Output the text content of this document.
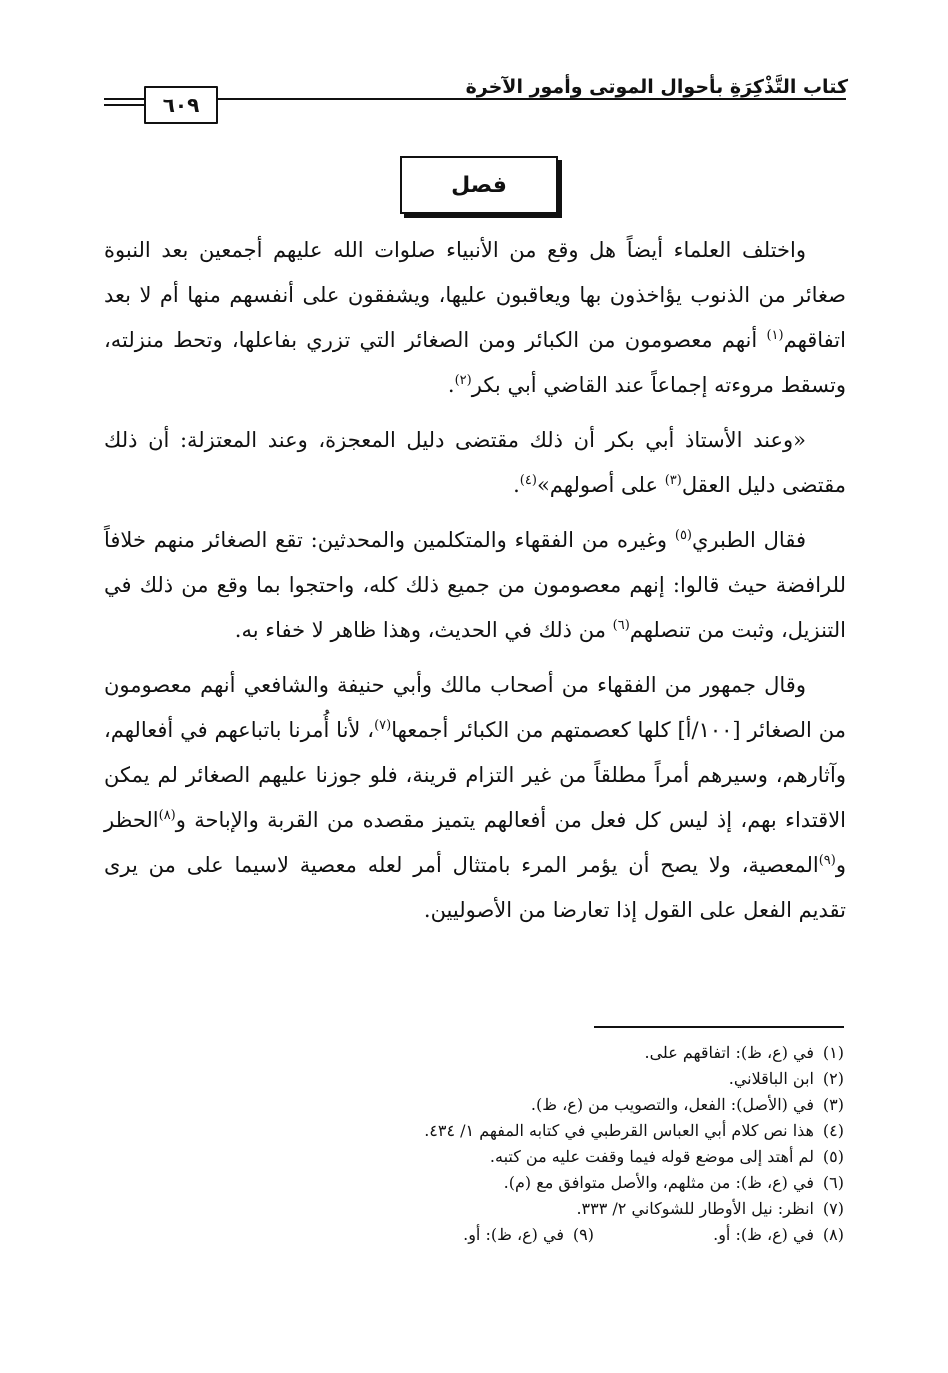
كتاب التَّذْكِرَةِ بأحوال الموتى وأمور الآخرة
٦٠٩
فصل

واختلف العلماء أيضاً هل وقع من الأنبياء صلوات الله عليهم أجمعين بعد النبوة صغائر من الذنوب يؤاخذون بها ويعاقبون عليها، ويشفقون على أنفسهم منها أم لا بعد اتفاقهم$^{(١)}$ أنهم معصومون من الكبائر ومن الصغائر التي تزري بفاعلها، وتحط منزلته، وتسقط مروءته إجماعاً عند القاضي أبي بكر$^{(٢)}$.

«وعند الأستاذ أبي بكر أن ذلك مقتضى دليل المعجزة، وعند المعتزلة: أن ذلك مقتضى دليل العقل$^{(٣)}$ على أصولهم»$^{(٤)}$.

فقال الطبري$^{(٥)}$ وغيره من الفقهاء والمتكلمين والمحدثين: تقع الصغائر منهم خلافاً للرافضة حيث قالوا: إنهم معصومون من جميع ذلك كله، واحتجوا بما وقع من ذلك في التنزيل، وثبت من تنصلهم$^{(٦)}$ من ذلك في الحديث، وهذا ظاهر لا خفاء به.

وقال جمهور من الفقهاء من أصحاب مالك وأبي حنيفة والشافعي أنهم معصومون من الصغائر [١٠٠/أ] كلها كعصمتهم من الكبائر أجمعها$^{(٧)}$، لأنا أُمرنا باتباعهم في أفعالهم، وآثارهم، وسيرهم أمراً مطلقاً من غير التزام قرينة، فلو جوزنا عليهم الصغائر لم يمكن الاقتداء بهم، إذ ليس كل فعل من أفعالهم يتميز مقصده من القربة والإباحة و$^{(٨)}$الحظر و$^{(٩)}$المعصية، ولا يصح أن يؤمر المرء بامتثال أمر لعله معصية لاسيما على من يرى تقديم الفعل على القول إذا تعارضا من الأصوليين.

(١)
في (ع، ظ): اتفاقهم على.
(٢)
ابن الباقلاني.
(٣)
في (الأصل): الفعل، والتصويب من (ع، ظ).
(٤)
هذا نص كلام أبي العباس القرطبي في كتابه المفهم ١/ ٤٣٤.
(٥)
لم أهتد إلى موضع قوله فيما وقفت عليه من كتبه.
(٦)
في (ع، ظ): من مثلهم، والأصل متوافق مع (م).
(٧)
انظر: نيل الأوطار للشوكاني ٢/ ٣٣٣.
(٨)
في (ع، ظ): أو.
(٩)
في (ع، ظ): أو.
